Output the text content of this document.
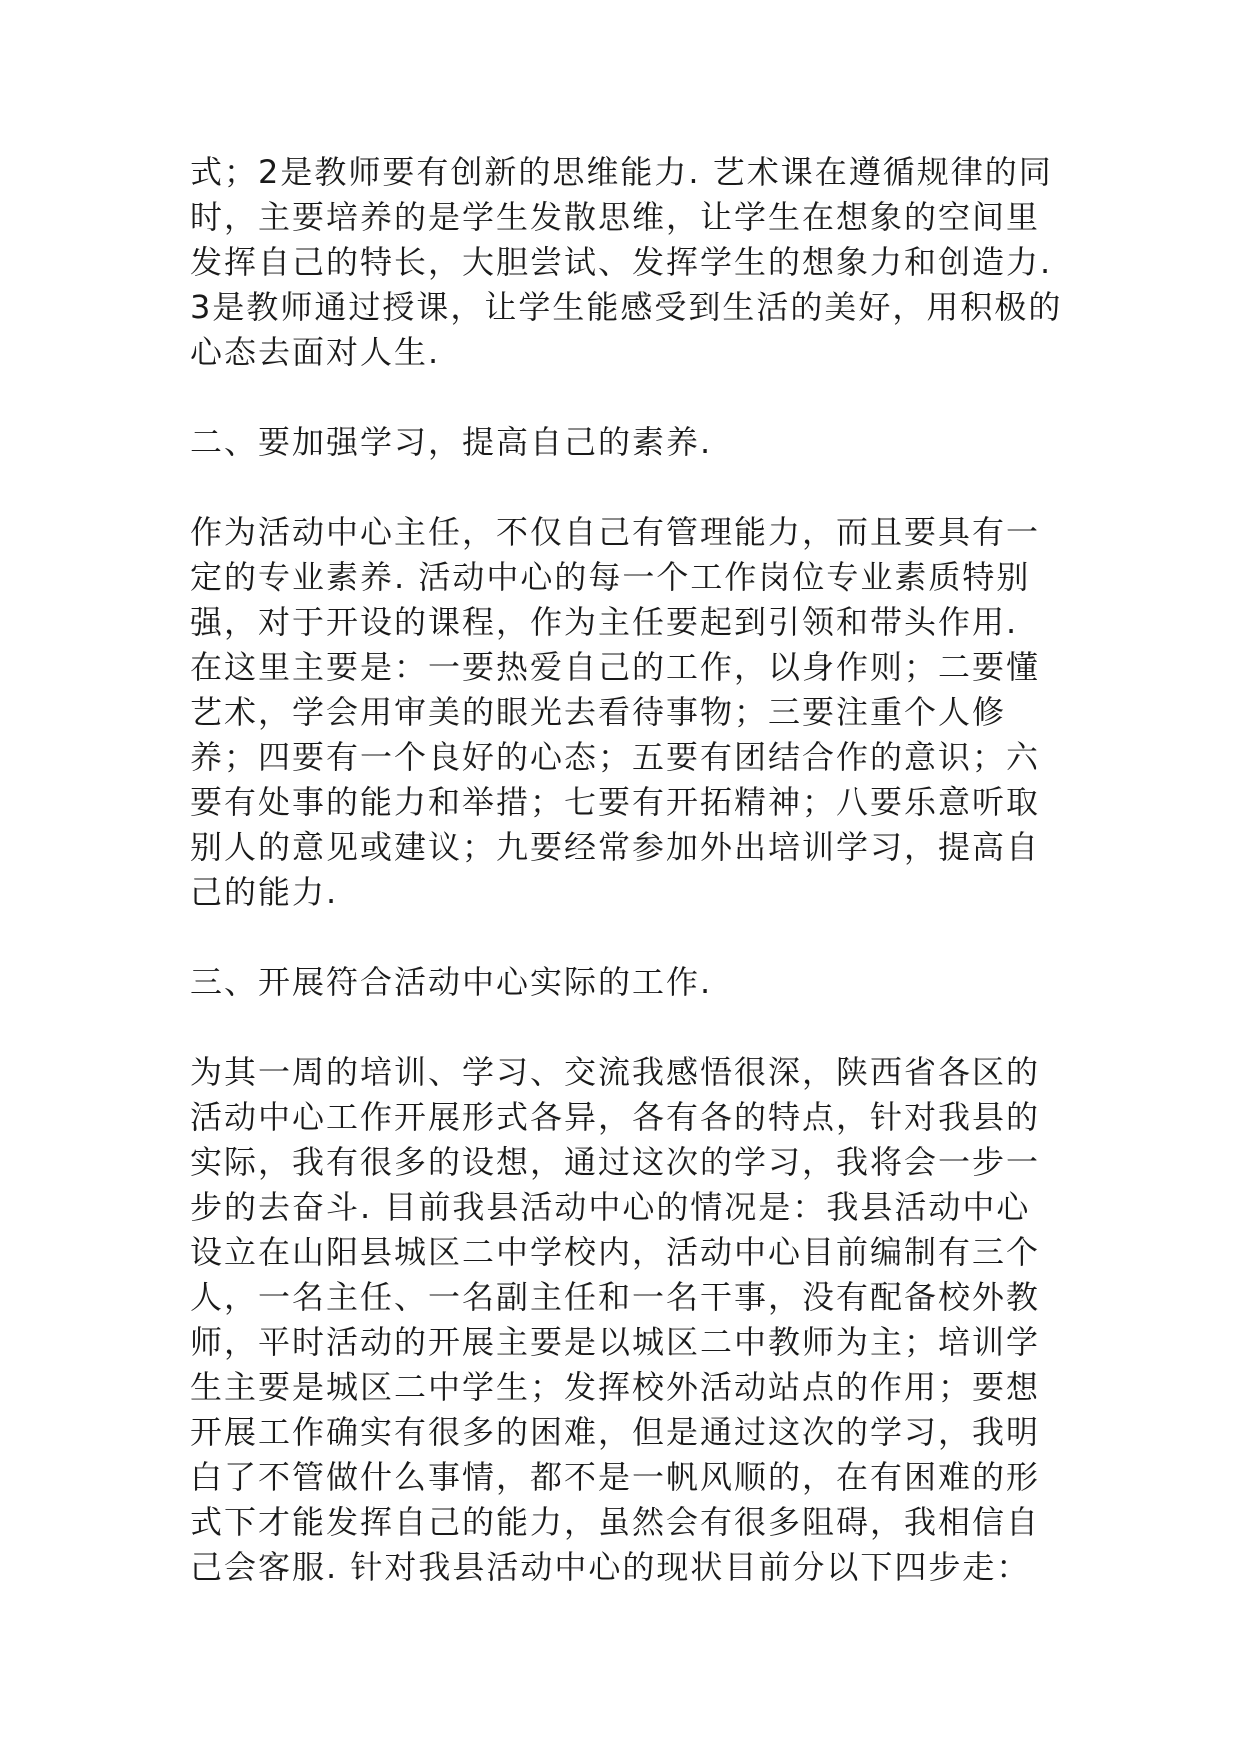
式；2是教师要有创新的思维能力. 艺术课在遵循规律的同
时，主要培养的是学生发散思维，让学生在想象的空间里
发挥自己的特长，大胆尝试、发挥学生的想象力和创造力.
3是教师通过授课，让学生能感受到生活的美好，用积极的
心态去面对人生.
二、要加强学习，提高自己的素养.
作为活动中心主任，不仅自己有管理能力，而且要具有一
定的专业素养. 活动中心的每一个工作岗位专业素质特别
强，对于开设的课程，作为主任要起到引领和带头作用.
在这里主要是：一要热爱自己的工作，以身作则；二要懂
艺术，学会用审美的眼光去看待事物；三要注重个人修
养；四要有一个良好的心态；五要有团结合作的意识；六
要有处事的能力和举措；七要有开拓精神；八要乐意听取
别人的意见或建议；九要经常参加外出培训学习，提高自
己的能力.
三、开展符合活动中心实际的工作.
为其一周的培训、学习、交流我感悟很深，陕西省各区的
活动中心工作开展形式各异，各有各的特点，针对我县的
实际，我有很多的设想，通过这次的学习，我将会一步一
步的去奋斗. 目前我县活动中心的情况是：我县活动中心
设立在山阳县城区二中学校内，活动中心目前编制有三个
人，一名主任、一名副主任和一名干事，没有配备校外教
师，平时活动的开展主要是以城区二中教师为主；培训学
生主要是城区二中学生；发挥校外活动站点的作用；要想
开展工作确实有很多的困难，但是通过这次的学习，我明
白了不管做什么事情，都不是一帆风顺的，在有困难的形
式下才能发挥自己的能力，虽然会有很多阻碍，我相信自
己会客服. 针对我县活动中心的现状目前分以下四步走：
